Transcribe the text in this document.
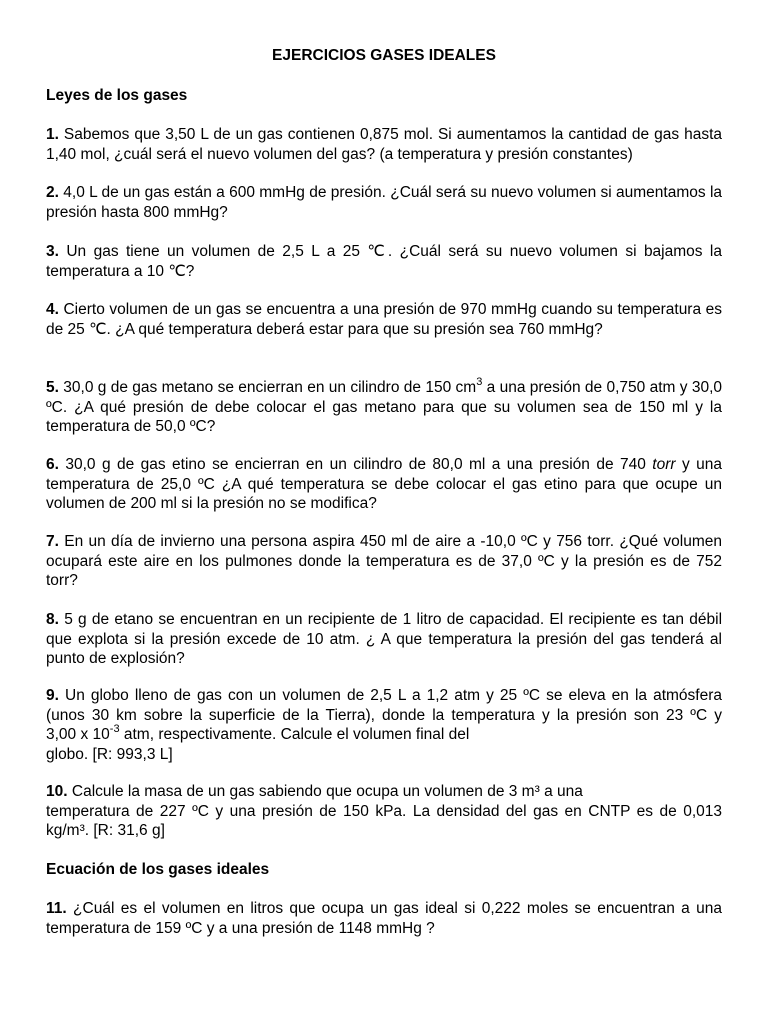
EJERCICIOS GASES IDEALES
Leyes de los gases
1. Sabemos que 3,50 L de un gas contienen 0,875 mol. Si aumentamos la cantidad de gas hasta 1,40 mol, ¿cuál será el nuevo volumen del gas? (a temperatura y presión constantes)
2. 4,0 L de un gas están a 600 mmHg de presión. ¿Cuál será su nuevo volumen si aumentamos la presión hasta 800 mmHg?
3. Un gas tiene un volumen de 2,5 L a 25 ℃. ¿Cuál será su nuevo volumen si bajamos la temperatura a 10 ℃?
4. Cierto volumen de un gas se encuentra a una presión de 970 mmHg cuando su temperatura es de 25 ℃. ¿A qué temperatura deberá estar para que su presión sea 760 mmHg?
5. 30,0 g de gas metano se encierran en un cilindro de 150 $cm^3$ a una presión de 0,750 atm y 30,0 ºC. ¿A qué presión de debe colocar el gas metano para que su volumen sea de 150 ml y la temperatura de 50,0 ºC?
6. 30,0 g de gas etino se encierran en un cilindro de 80,0 ml a una presión de 740 torr y una temperatura de 25,0 ºC ¿A qué temperatura se debe colocar el gas etino para que ocupe un volumen de 200 ml si la presión no se modifica?
7. En un día de invierno una persona aspira 450 ml de aire a -10,0 ºC y 756 torr. ¿Qué volumen ocupará este aire en los pulmones donde la temperatura es de 37,0 ºC y la presión es de 752 torr?
8. 5 g de etano se encuentran en un recipiente de 1 litro de capacidad. El recipiente es tan débil que explota si la presión excede de 10 atm. ¿ A que temperatura la presión del gas tenderá al punto de explosión?
9. Un globo lleno de gas con un volumen de 2,5 L a 1,2 atm y 25 ºC se eleva en la atmósfera
(unos 30 km sobre la superficie de la Tierra), donde la temperatura y la presión son 23 ºC y
3,00 x $10^{-3}$ atm, respectivamente. Calcule el volumen final del
globo. [R: 993,3 L]
10. Calcule la masa de un gas sabiendo que ocupa un volumen de 3 m³ a una
temperatura de 227 ºC y una presión de 150 kPa. La densidad del gas en CNTP es de 0,013
kg/m³. [R: 31,6 g]
Ecuación de los gases ideales
11. ¿Cuál es el volumen en litros que ocupa un gas ideal si 0,222 moles se encuentran a una temperatura de 159 ºC y a una presión de 1148 mmHg ?
